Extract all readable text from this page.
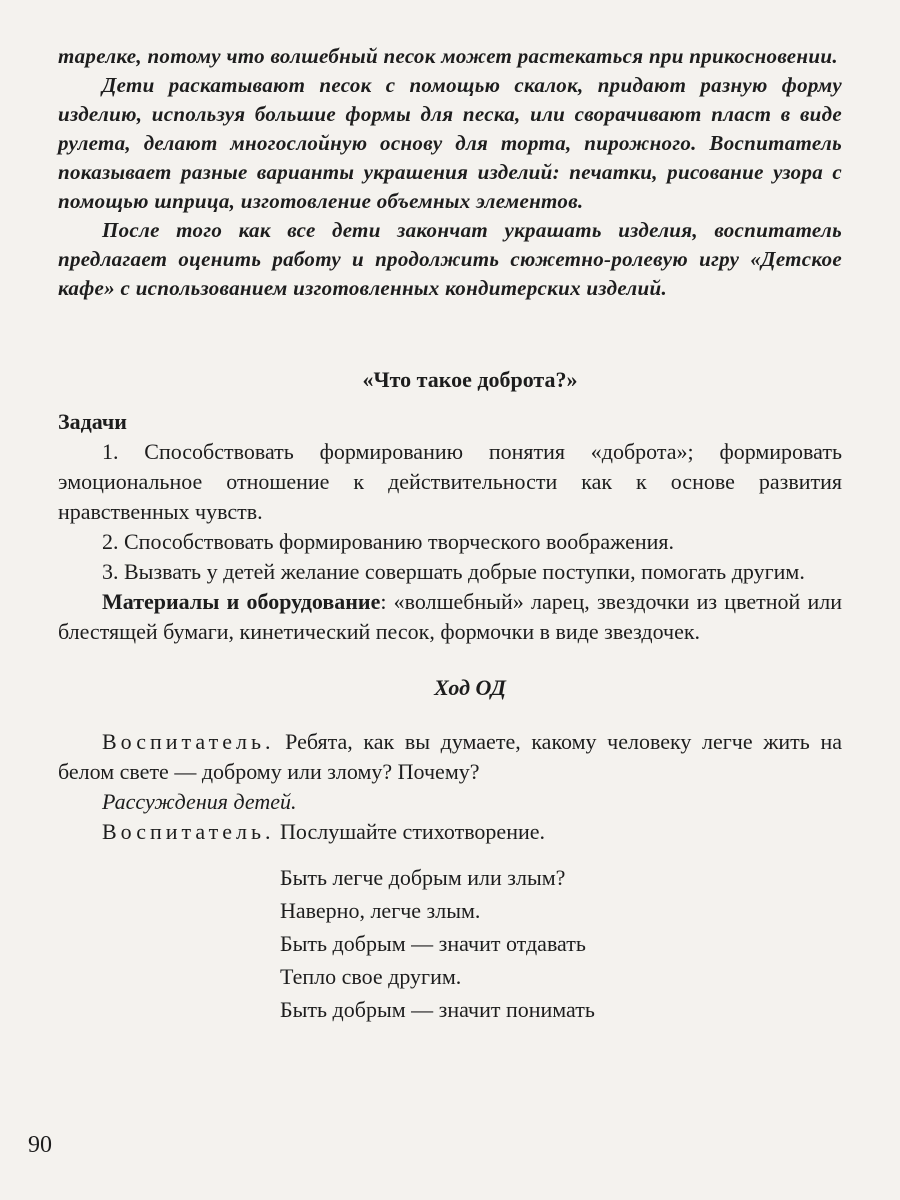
тарелке, потому что волшебный песок может растекаться при прикосновении.

Дети раскатывают песок с помощью скалок, придают разную форму изделию, используя большие формы для песка, или сворачивают пласт в виде рулета, делают многослойную основу для торта, пирожного. Воспитатель показывает разные варианты украшения изделий: печатки, рисование узора с помощью шприца, изготовление объемных элементов.

После того как все дети закончат украшать изделия, воспитатель предлагает оценить работу и продолжить сюжетно-ролевую игру «Детское кафе» с использованием изготовленных кондитерских изделий.

«Что такое доброта?»
Задачи

1. Способствовать формированию понятия «доброта»; формировать эмоциональное отношение к действительности как к основе развития нравственных чувств.

2. Способствовать формированию творческого воображения.

3. Вызвать у детей желание совершать добрые поступки, помогать другим.

Материалы и оборудование: «волшебный» ларец, звездочки из цветной или блестящей бумаги, кинетический песок, формочки в виде звездочек.

Ход ОД

Воспитатель. Ребята, как вы думаете, какому человеку легче жить на белом свете — доброму или злому? Почему?

Рассуждения детей.

Воспитатель. Послушайте стихотворение.

Быть легче добрым или злым?
Наверно, легче злым.
Быть добрым — значит отдавать
Тепло свое другим.
Быть добрым — значит понимать
90
